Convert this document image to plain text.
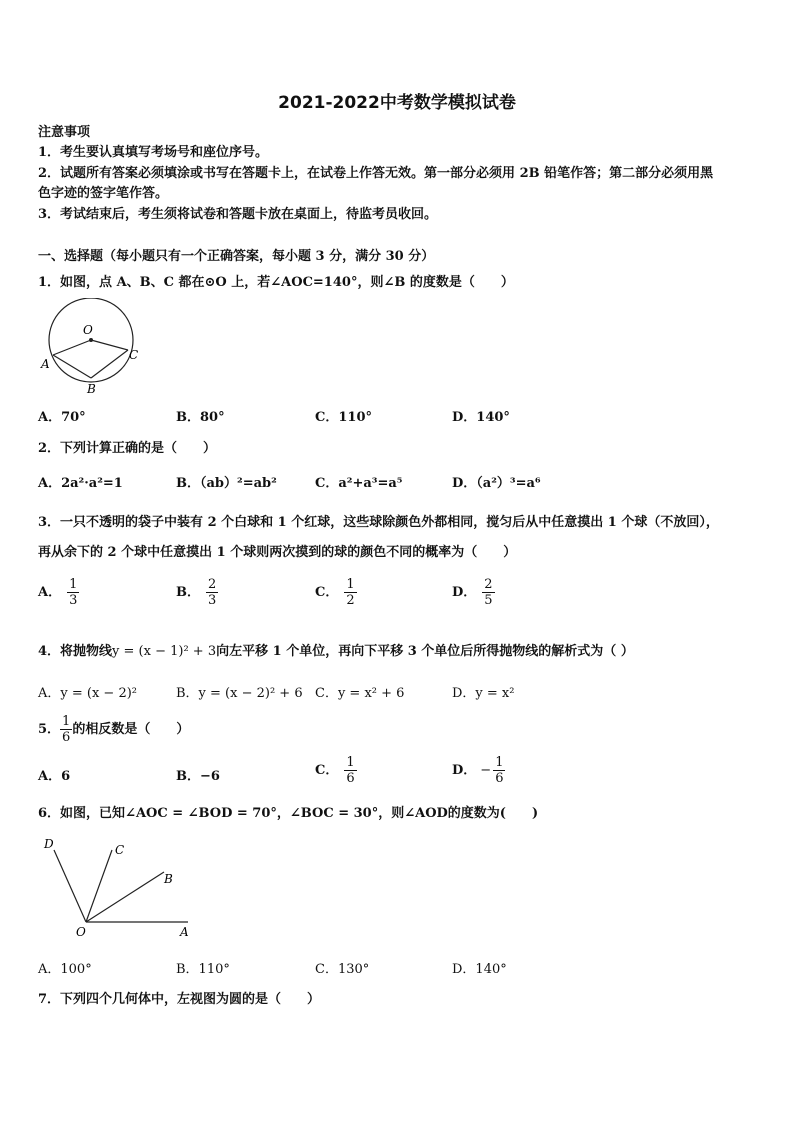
2021-2022中考数学模拟试卷
注意事项
1．考生要认真填写考场号和座位序号。
2．试题所有答案必须填涂或书写在答题卡上，在试卷上作答无效。第一部分必须用 2B 铅笔作答；第二部分必须用黑
色字迹的签字笔作答。
3．考试结束后，考生须将试卷和答题卡放在桌面上，待监考员收回。
一、选择题（每小题只有一个正确答案，每小题 3 分，满分 30 分）
1．如图，点 A、B、C 都在⊙O 上，若∠AOC=140°，则∠B 的度数是（　　）
O
A
C
B
A．70°	B．80°	C．110°	D．140°
2．下列计算正确的是（　　）
A．2a²·a²=1	B．（ab）²=ab²	C．a²+a³=a⁵	D．（a²）³=a⁶
3．一只不透明的袋子中装有 2 个白球和 1 个红球，这些球除颜色外都相同，搅匀后从中任意摸出 1 个球（不放回），
再从余下的 2 个球中任意摸出 1 个球则两次摸到的球的颜色不同的概率为（　　）
A． $\frac{1}{3}$	B． $\frac{2}{3}$	C． $\frac{1}{2}$	D． $\frac{2}{5}$
4．将抛物线y = (x − 1)² + 3向左平移 1 个单位，再向下平移 3 个单位后所得抛物线的解析式为（ ）
A．y = (x − 2)²	B．y = (x − 2)² + 6 C．y = x² + 6	D．y = x²
5． $\frac{1}{6}$ 的相反数是（　　）
A．6	B．−6	C． $\frac{1}{6}$	D． − $\frac{1}{6}$
6．如图，已知∠AOC = ∠BOD = 70°，∠BOC = 30°，则∠AOD的度数为(　　)
D	C
B
O	A
A．100°	B．110°	C．130°	D．140°
7．下列四个几何体中，左视图为圆的是（　　）
